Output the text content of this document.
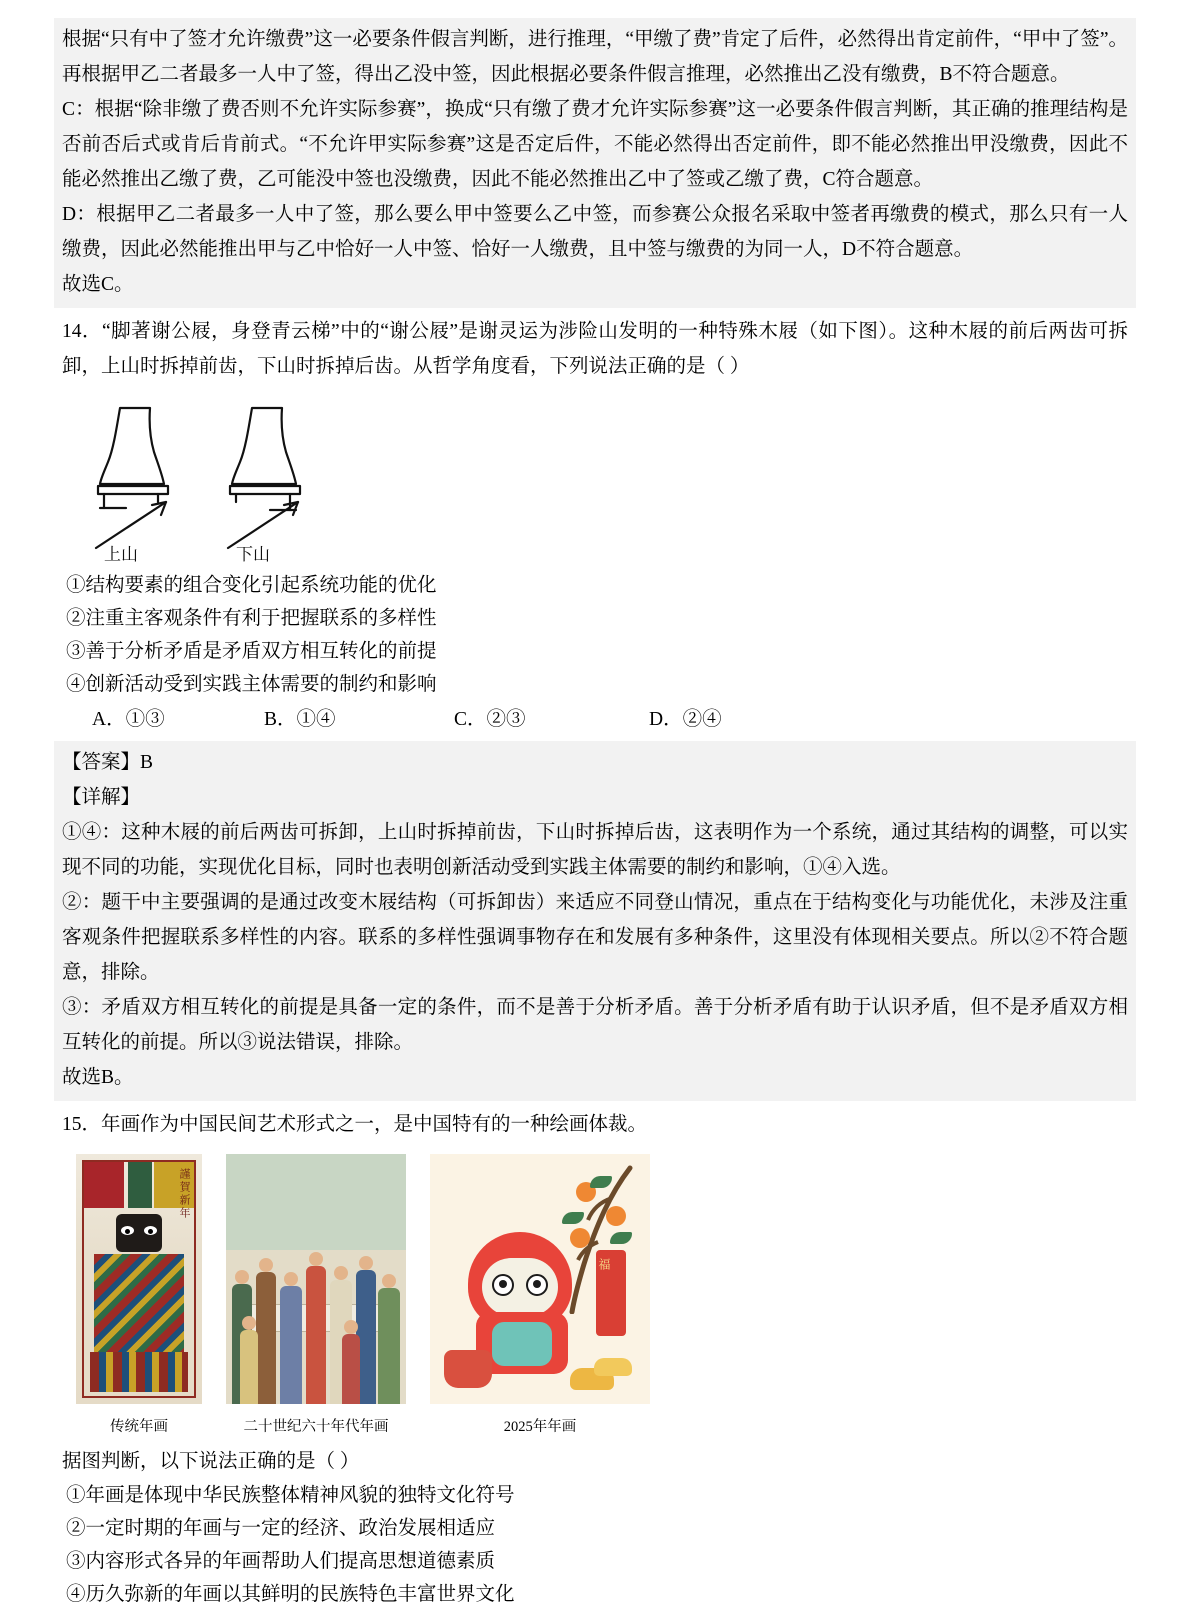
根据“只有中了签才允许缴费”这一必要条件假言判断，进行推理，“甲缴了费”肯定了后件，必然得出肯定前件，“甲中了签”。再根据甲乙二者最多一人中了签，得出乙没中签，因此根据必要条件假言推理，必然推出乙没有缴费，B不符合题意。

C：根据“除非缴了费否则不允许实际参赛”，换成“只有缴了费才允许实际参赛”这一必要条件假言判断，其正确的推理结构是否前否后式或肯后肯前式。“不允许甲实际参赛”这是否定后件，不能必然得出否定前件，即不能必然推出甲没缴费，因此不能必然推出乙缴了费，乙可能没中签也没缴费，因此不能必然推出乙中了签或乙缴了费，C符合题意。

D：根据甲乙二者最多一人中了签，那么要么甲中签要么乙中签，而参赛公众报名采取中签者再缴费的模式，那么只有一人缴费，因此必然能推出甲与乙中恰好一人中签、恰好一人缴费，且中签与缴费的为同一人，D不符合题意。

故选C。

14．“脚著谢公屐，身登青云梯”中的“谢公屐”是谢灵运为涉险山发明的一种特殊木屐（如下图）。这种木屐的前后两齿可拆卸，上山时拆掉前齿，下山时拆掉后齿。从哲学角度看，下列说法正确的是（ ）

上山	下山

①结构要素的组合变化引起系统功能的优化

②注重主客观条件有利于把握联系的多样性

③善于分析矛盾是矛盾双方相互转化的前提

④创新活动受到实践主体需要的制约和影响

A．①③	B．①④	C．②③	D．②④

【答案】B

【详解】

①④：这种木屐的前后两齿可拆卸，上山时拆掉前齿，下山时拆掉后齿，这表明作为一个系统，通过其结构的调整，可以实现不同的功能，实现优化目标，同时也表明创新活动受到实践主体需要的制约和影响，①④入选。

②：题干中主要强调的是通过改变木屐结构（可拆卸齿）来适应不同登山情况，重点在于结构变化与功能优化，未涉及注重客观条件把握联系多样性的内容。联系的多样性强调事物存在和发展有多种条件，这里没有体现相关要点。所以②不符合题意，排除。

③：矛盾双方相互转化的前提是具备一定的条件，而不是善于分析矛盾。善于分析矛盾有助于认识矛盾，但不是矛盾双方相互转化的前提。所以③说法错误，排除。

故选B。

15．年画作为中国民间艺术形式之一，是中国特有的一种绘画体裁。

謹賀新年
传统年画	二十世纪六十年代年画
福
2025年年画

据图判断，以下说法正确的是（ ）

①年画是体现中华民族整体精神风貌的独特文化符号

②一定时期的年画与一定的经济、政治发展相适应

③内容形式各异的年画帮助人们提高思想道德素质

④历久弥新的年画以其鲜明的民族特色丰富世界文化
